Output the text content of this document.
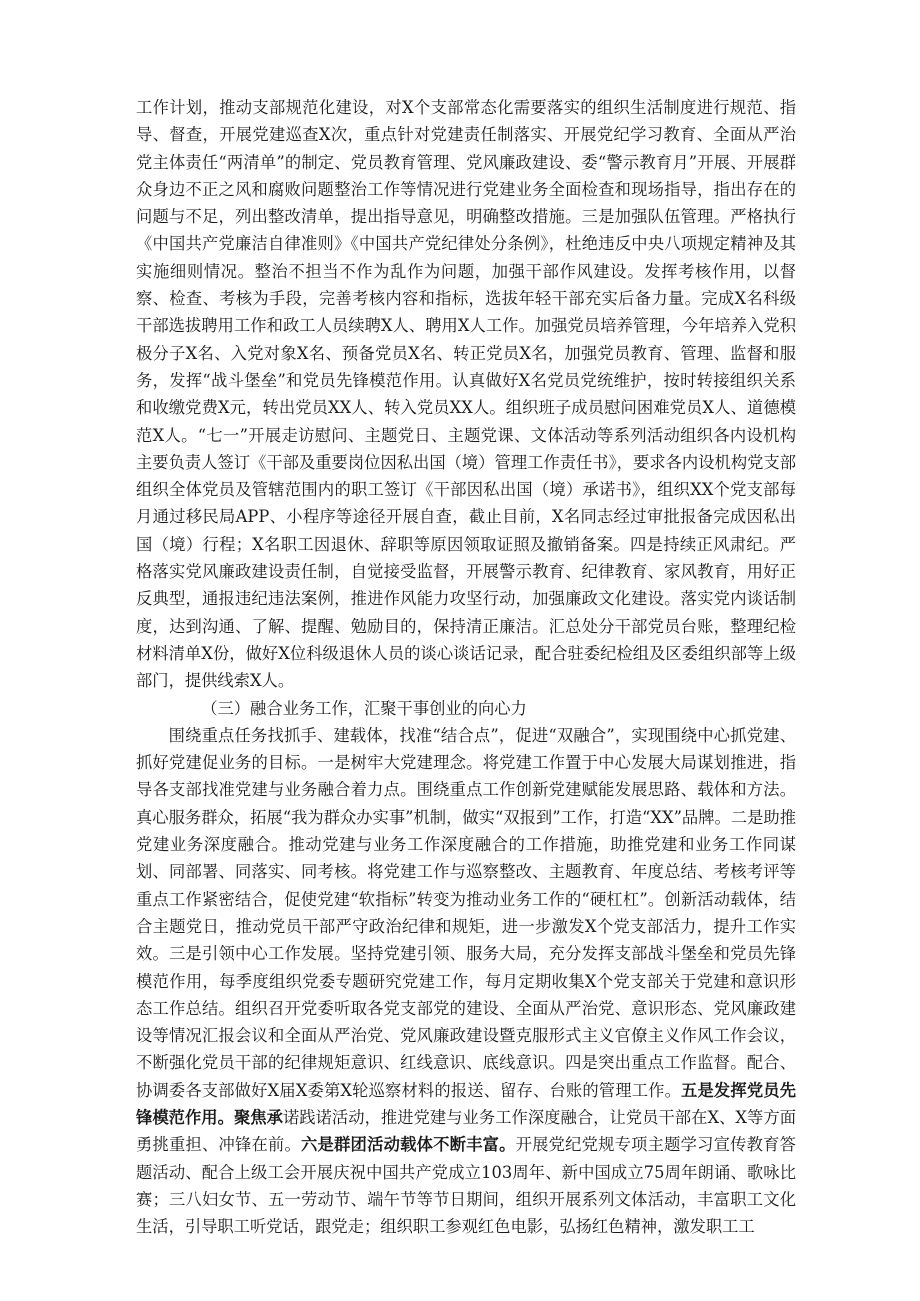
工作计划，推动支部规范化建设，对X个支部常态化需要落实的组织生活制度进行规范、指导、督查，开展党建巡查X次，重点针对党建责任制落实、开展党纪学习教育、全面从严治党主体责任“两清单”的制定、党员教育管理、党风廉政建设、委“警示教育月”开展、开展群众身边不正之风和腐败问题整治工作等情况进行党建业务全面检查和现场指导，指出存在的问题与不足，列出整改清单，提出指导意见，明确整改措施。三是加强队伍管理。严格执行《中国共产党廉洁自律准则》《中国共产党纪律处分条例》，杜绝违反中央八项规定精神及其实施细则情况。整治不担当不作为乱作为问题，加强干部作风建设。发挥考核作用，以督察、检查、考核为手段，完善考核内容和指标，选拔年轻干部充实后备力量。完成X名科级干部选拔聘用工作和政工人员续聘X人、聘用X人工作。加强党员培养管理，今年培养入党积极分子X名、入党对象X名、预备党员X名、转正党员X名，加强党员教育、管理、监督和服务，发挥“战斗堡垒”和党员先锋模范作用。认真做好X名党员党统维护，按时转接组织关系和收缴党费X元，转出党员XX人、转入党员XX人。组织班子成员慰问困难党员X人、道德模范X人。“七一”开展走访慰问、主题党日、主题党课、文体活动等系列活动组织各内设机构主要负责人签订《干部及重要岗位因私出国（境）管理工作责任书》，要求各内设机构党支部组织全体党员及管辖范围内的职工签订《干部因私出国（境）承诺书》，组织XX个党支部每月通过移民局APP、小程序等途径开展自查，截止目前，X名同志经过审批报备完成因私出国（境）行程；X名职工因退休、辞职等原因领取证照及撤销备案。四是持续正风肃纪。严格落实党风廉政建设责任制，自觉接受监督，开展警示教育、纪律教育、家风教育，用好正反典型，通报违纪违法案例，推进作风能力攻坚行动，加强廉政文化建设。落实党内谈话制度，达到沟通、了解、提醒、勉励目的，保持清正廉洁。汇总处分干部党员台账，整理纪检材料清单X份，做好X位科级退休人员的谈心谈话记录，配合驻委纪检组及区委组织部等上级部门，提供线索X人。

（三）融合业务工作，汇聚干事创业的向心力

围绕重点任务找抓手、建载体，找准“结合点”，促进“双融合”，实现围绕中心抓党建、抓好党建促业务的目标。一是树牢大党建理念。将党建工作置于中心发展大局谋划推进，指导各支部找准党建与业务融合着力点。围绕重点工作创新党建赋能发展思路、载体和方法。真心服务群众，拓展“我为群众办实事”机制，做实“双报到”工作，打造“XX”品牌。二是助推党建业务深度融合。推动党建与业务工作深度融合的工作措施，助推党建和业务工作同谋划、同部署、同落实、同考核。将党建工作与巡察整改、主题教育、年度总结、考核考评等重点工作紧密结合，促使党建“软指标”转变为推动业务工作的“硬杠杠”。创新活动载体，结合主题党日，推动党员干部严守政治纪律和规矩，进一步激发X个党支部活力，提升工作实效。三是引领中心工作发展。坚持党建引领、服务大局，充分发挥支部战斗堡垒和党员先锋模范作用，每季度组织党委专题研究党建工作，每月定期收集X个党支部关于党建和意识形态工作总结。组织召开党委听取各党支部党的建设、全面从严治党、意识形态、党风廉政建设等情况汇报会议和全面从严治党、党风廉政建设暨克服形式主义官僚主义作风工作会议，不断强化党员干部的纪律规矩意识、红线意识、底线意识。四是突出重点工作监督。配合、协调委各支部做好X届X委第X轮巡察材料的报送、留存、台账的管理工作。五是发挥党员先锋模范作用。聚焦承诺践诺活动，推进党建与业务工作深度融合，让党员干部在X、X等方面勇挑重担、冲锋在前。六是群团活动载体不断丰富。开展党纪党规专项主题学习宣传教育答题活动、配合上级工会开展庆祝中国共产党成立103周年、新中国成立75周年朗诵、歌咏比赛；三八妇女节、五一劳动节、端午节等节日期间，组织开展系列文体活动，丰富职工文化生活，引导职工听党话，跟党走；组织职工参观红色电影，弘扬红色精神，激发职工工
